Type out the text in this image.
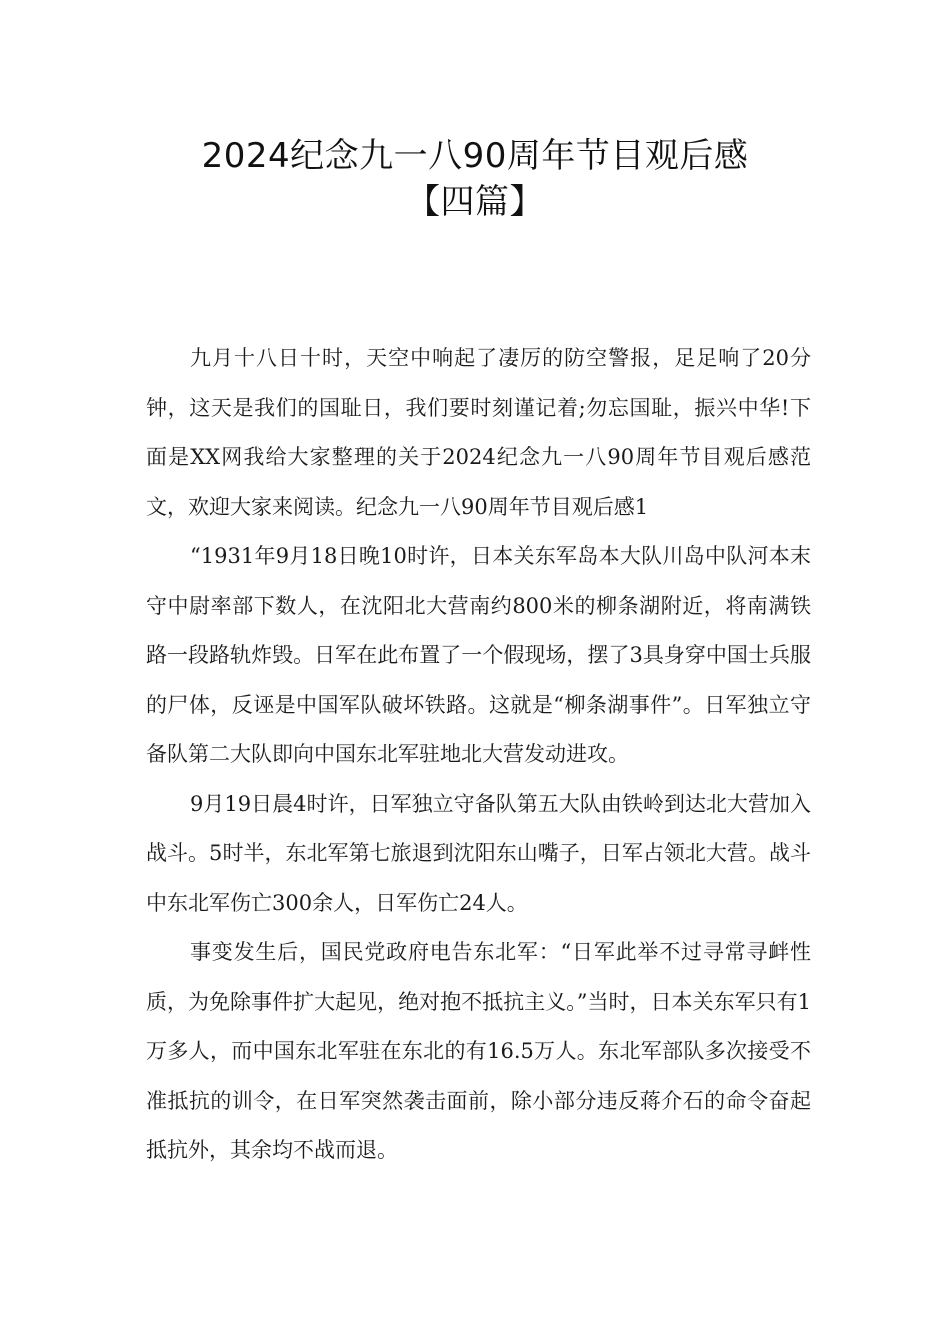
2024纪念九一八90周年节目观后感
【四篇】

九月十八日十时，天空中响起了凄厉的防空警报，足足响了20分钟，这天是我们的国耻日，我们要时刻谨记着;勿忘国耻，振兴中华!下面是XX网我给大家整理的关于2024纪念九一八90周年节目观后感范文，欢迎大家来阅读。纪念九一八90周年节目观后感1

“1931年9月18日晚10时许，日本关东军岛本大队川岛中队河本末守中尉率部下数人，在沈阳北大营南约800米的柳条湖附近，将南满铁路一段路轨炸毁。日军在此布置了一个假现场，摆了3具身穿中国士兵服的尸体，反诬是中国军队破坏铁路。这就是“柳条湖事件”。日军独立守备队第二大队即向中国东北军驻地北大营发动进攻。

9月19日晨4时许，日军独立守备队第五大队由铁岭到达北大营加入战斗。5时半，东北军第七旅退到沈阳东山嘴子，日军占领北大营。战斗中东北军伤亡300余人，日军伤亡24人。

事变发生后，国民党政府电告东北军：“日军此举不过寻常寻衅性质，为免除事件扩大起见，绝对抱不抵抗主义。”当时，日本关东军只有1万多人，而中国东北军驻在东北的有16.5万人。东北军部队多次接受不准抵抗的训令，在日军突然袭击面前，除小部分违反蒋介石的命令奋起抵抗外，其余均不战而退。
